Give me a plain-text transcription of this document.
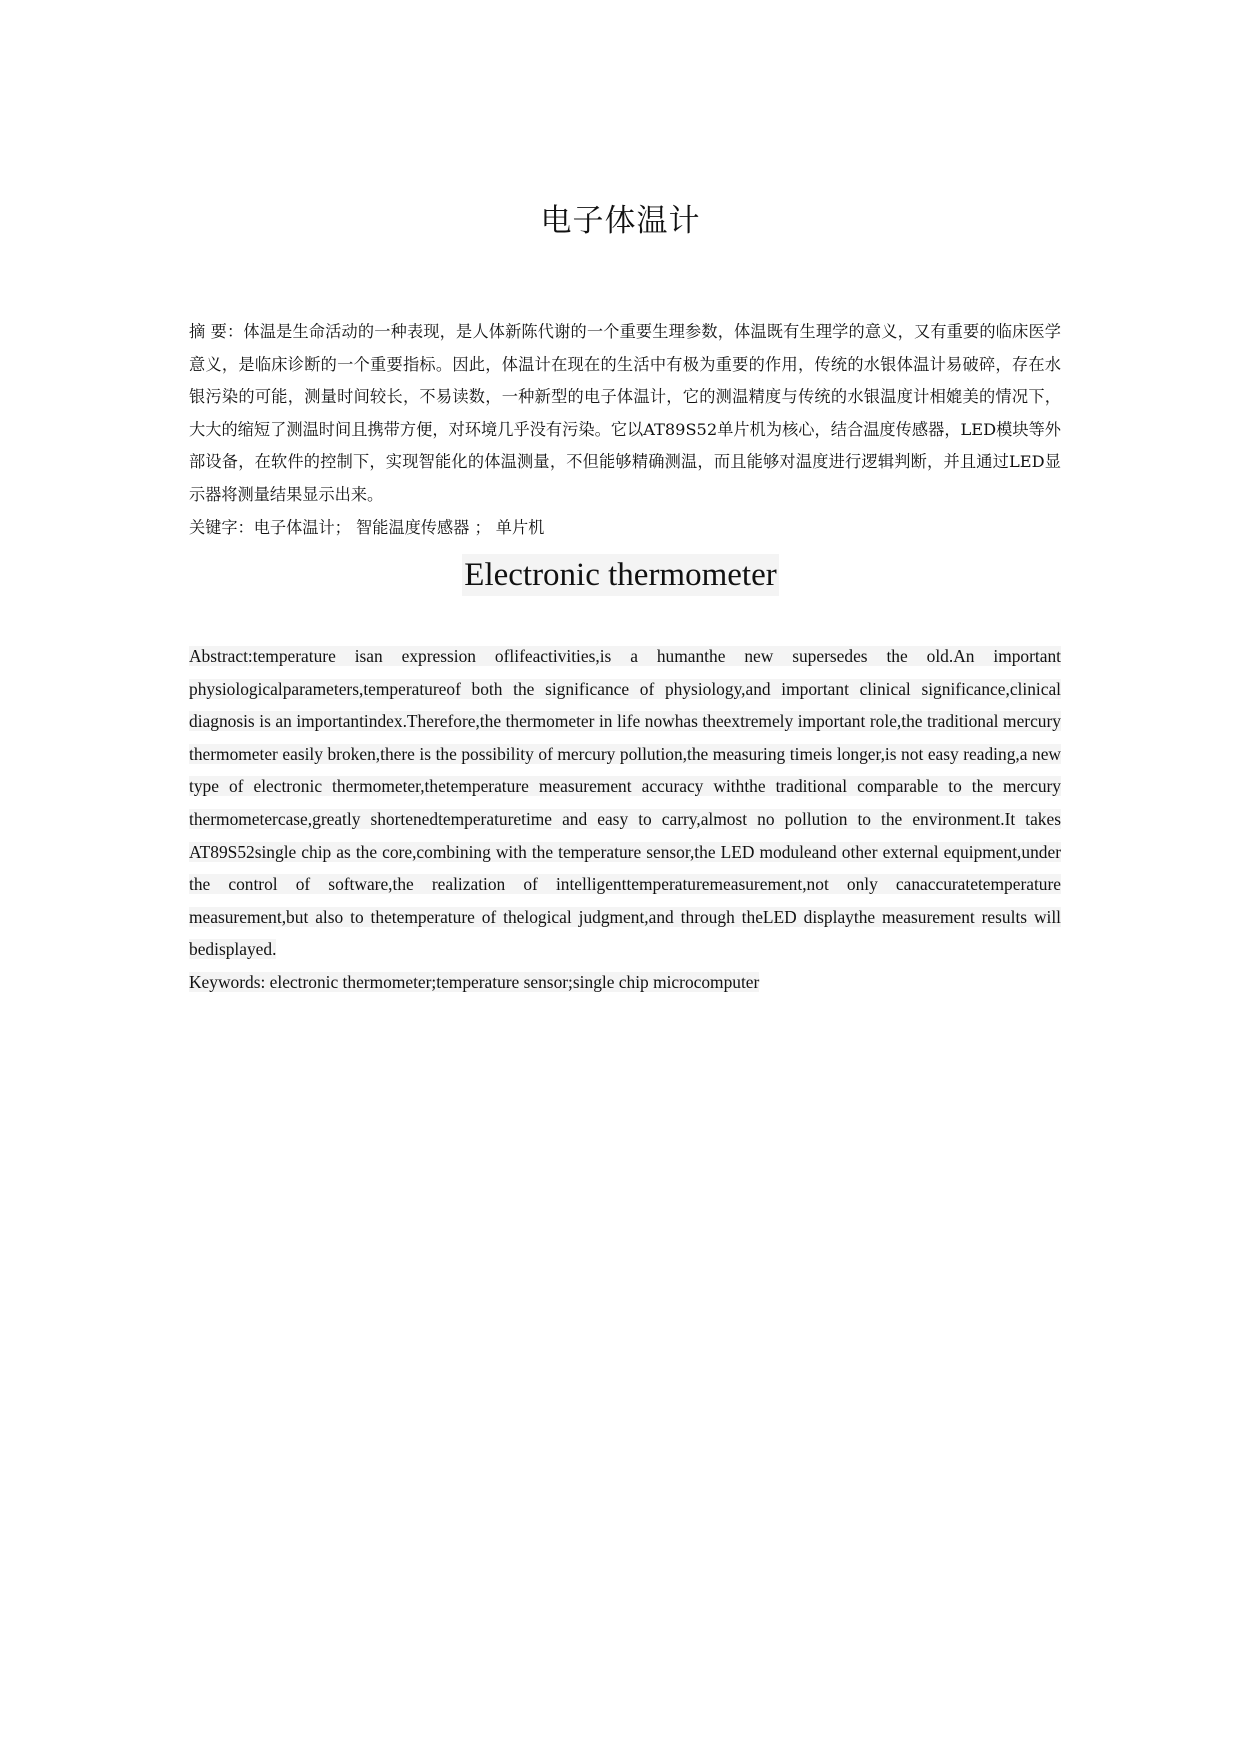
电子体温计
摘 要：体温是生命活动的一种表现，是人体新陈代谢的一个重要生理参数，体温既有生理学的意义，又有重要的临床医学意义，是临床诊断的一个重要指标。因此，体温计在现在的生活中有极为重要的作用，传统的水银体温计易破碎，存在水银污染的可能，测量时间较长，不易读数，一种新型的电子体温计，它的测温精度与传统的水银温度计相媲美的情况下，大大的缩短了测温时间且携带方便，对环境几乎没有污染。它以AT89S52单片机为核心，结合温度传感器，LED模块等外部设备，在软件的控制下，实现智能化的体温测量，不但能够精确测温，而且能够对温度进行逻辑判断，并且通过LED显示器将测量结果显示出来。
关键字：电子体温计； 智能温度传感器 ； 单片机
Electronic thermometer
Abstract:temperature isan expression oflifeactivities,is a humanthe new supersedes the old.An important physiologicalparameters,temperatureof both the significance of physiology,and important clinical significance,clinical diagnosis is an importantindex.Therefore,the thermometer in life nowhas theextremely important role,the traditional mercury thermometer easily broken,there is the possibility of mercury pollution,the measuring timeis longer,is not easy reading,a new type of electronic thermometer,thetemperature measurement accuracy withthe traditional comparable to the mercury thermometercase,greatly shortenedtemperaturetime and easy to carry,almost no pollution to the environment.It takes AT89S52single chip as the core,combining with the temperature sensor,the LED moduleand other external equipment,under the control of software,the realization of intelligenttemperaturemeasurement,not only canaccuratetemperature measurement,but also to thetemperature of thelogical judgment,and through theLED displaythe measurement results will bedisplayed.
Keywords: electronic thermometer;temperature sensor;single chip microcomputer
